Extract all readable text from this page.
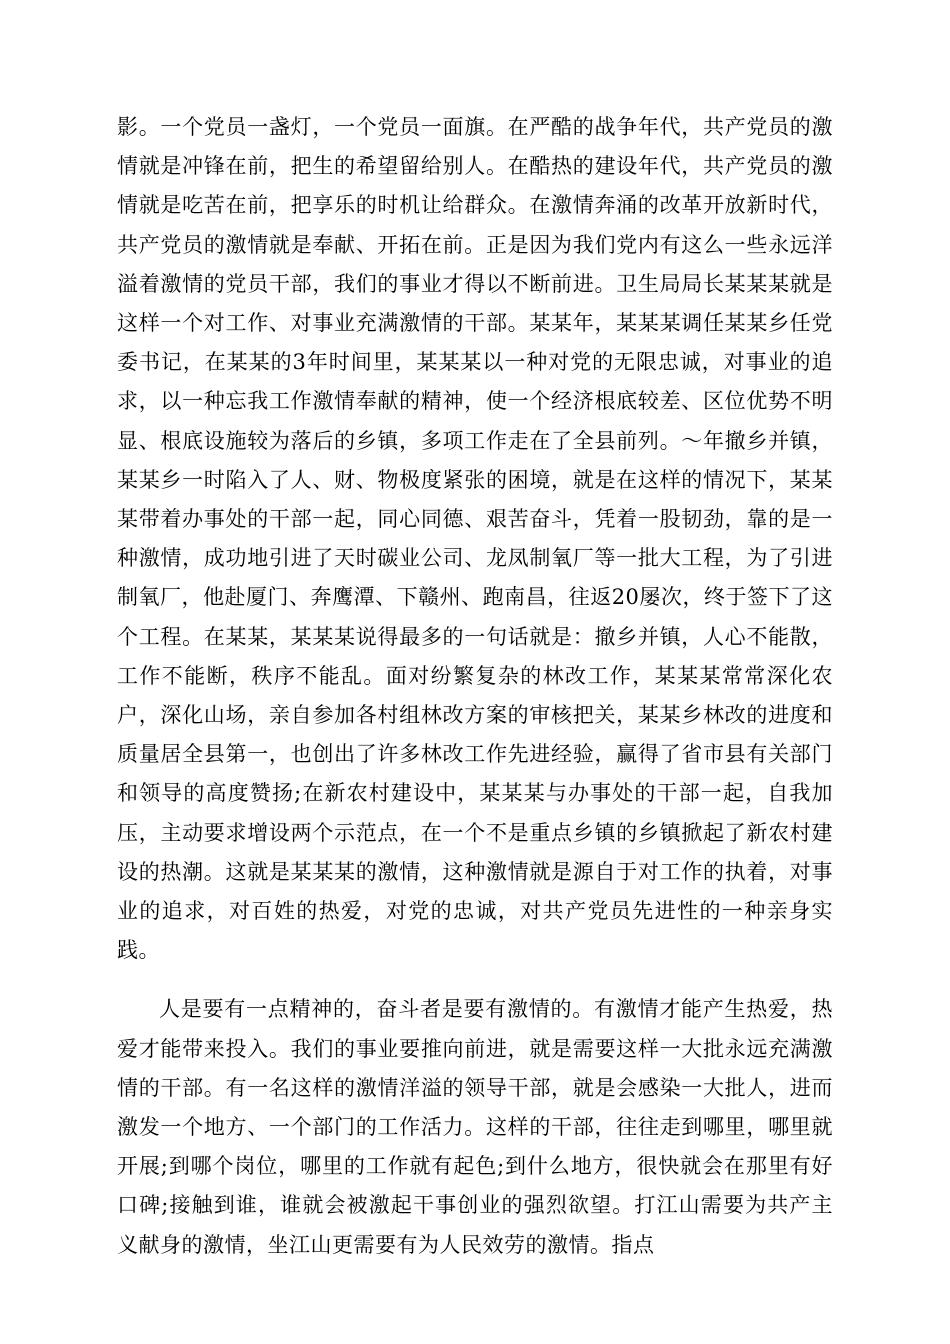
影。一个党员一盏灯，一个党员一面旗。在严酷的战争年代，共产党员的激情就是冲锋在前，把生的希望留给别人。在酷热的建设年代，共产党员的激情就是吃苦在前，把享乐的时机让给群众。在激情奔涌的改革开放新时代，共产党员的激情就是奉献、开拓在前。正是因为我们党内有这么一些永远洋溢着激情的党员干部，我们的事业才得以不断前进。卫生局局长某某某就是这样一个对工作、对事业充满激情的干部。某某年，某某某调任某某乡任党委书记，在某某的3年时间里，某某某以一种对党的无限忠诚，对事业的追求，以一种忘我工作激情奉献的精神，使一个经济根底较差、区位优势不明显、根底设施较为落后的乡镇，多项工作走在了全县前列。～年撤乡并镇，某某乡一时陷入了人、财、物极度紧张的困境，就是在这样的情况下，某某某带着办事处的干部一起，同心同德、艰苦奋斗，凭着一股韧劲，靠的是一种激情，成功地引进了天时碳业公司、龙凤制氧厂等一批大工程，为了引进制氧厂，他赴厦门、奔鹰潭、下赣州、跑南昌，往返20屡次，终于签下了这个工程。在某某，某某某说得最多的一句话就是：撤乡并镇，人心不能散，工作不能断，秩序不能乱。面对纷繁复杂的林改工作，某某某常常深化农户，深化山场，亲自参加各村组林改方案的审核把关，某某乡林改的进度和质量居全县第一，也创出了许多林改工作先进经验，赢得了省市县有关部门和领导的高度赞扬;在新农村建设中，某某某与办事处的干部一起，自我加压，主动要求增设两个示范点，在一个不是重点乡镇的乡镇掀起了新农村建设的热潮。这就是某某某的激情，这种激情就是源自于对工作的执着，对事业的追求，对百姓的热爱，对党的忠诚，对共产党员先进性的一种亲身实践。

人是要有一点精神的，奋斗者是要有激情的。有激情才能产生热爱，热爱才能带来投入。我们的事业要推向前进，就是需要这样一大批永远充满激情的干部。有一名这样的激情洋溢的领导干部，就是会感染一大批人，进而激发一个地方、一个部门的工作活力。这样的干部，往往走到哪里，哪里就开展;到哪个岗位，哪里的工作就有起色;到什么地方，很快就会在那里有好口碑;接触到谁，谁就会被激起干事创业的强烈欲望。打江山需要为共产主义献身的激情，坐江山更需要有为人民效劳的激情。指点
